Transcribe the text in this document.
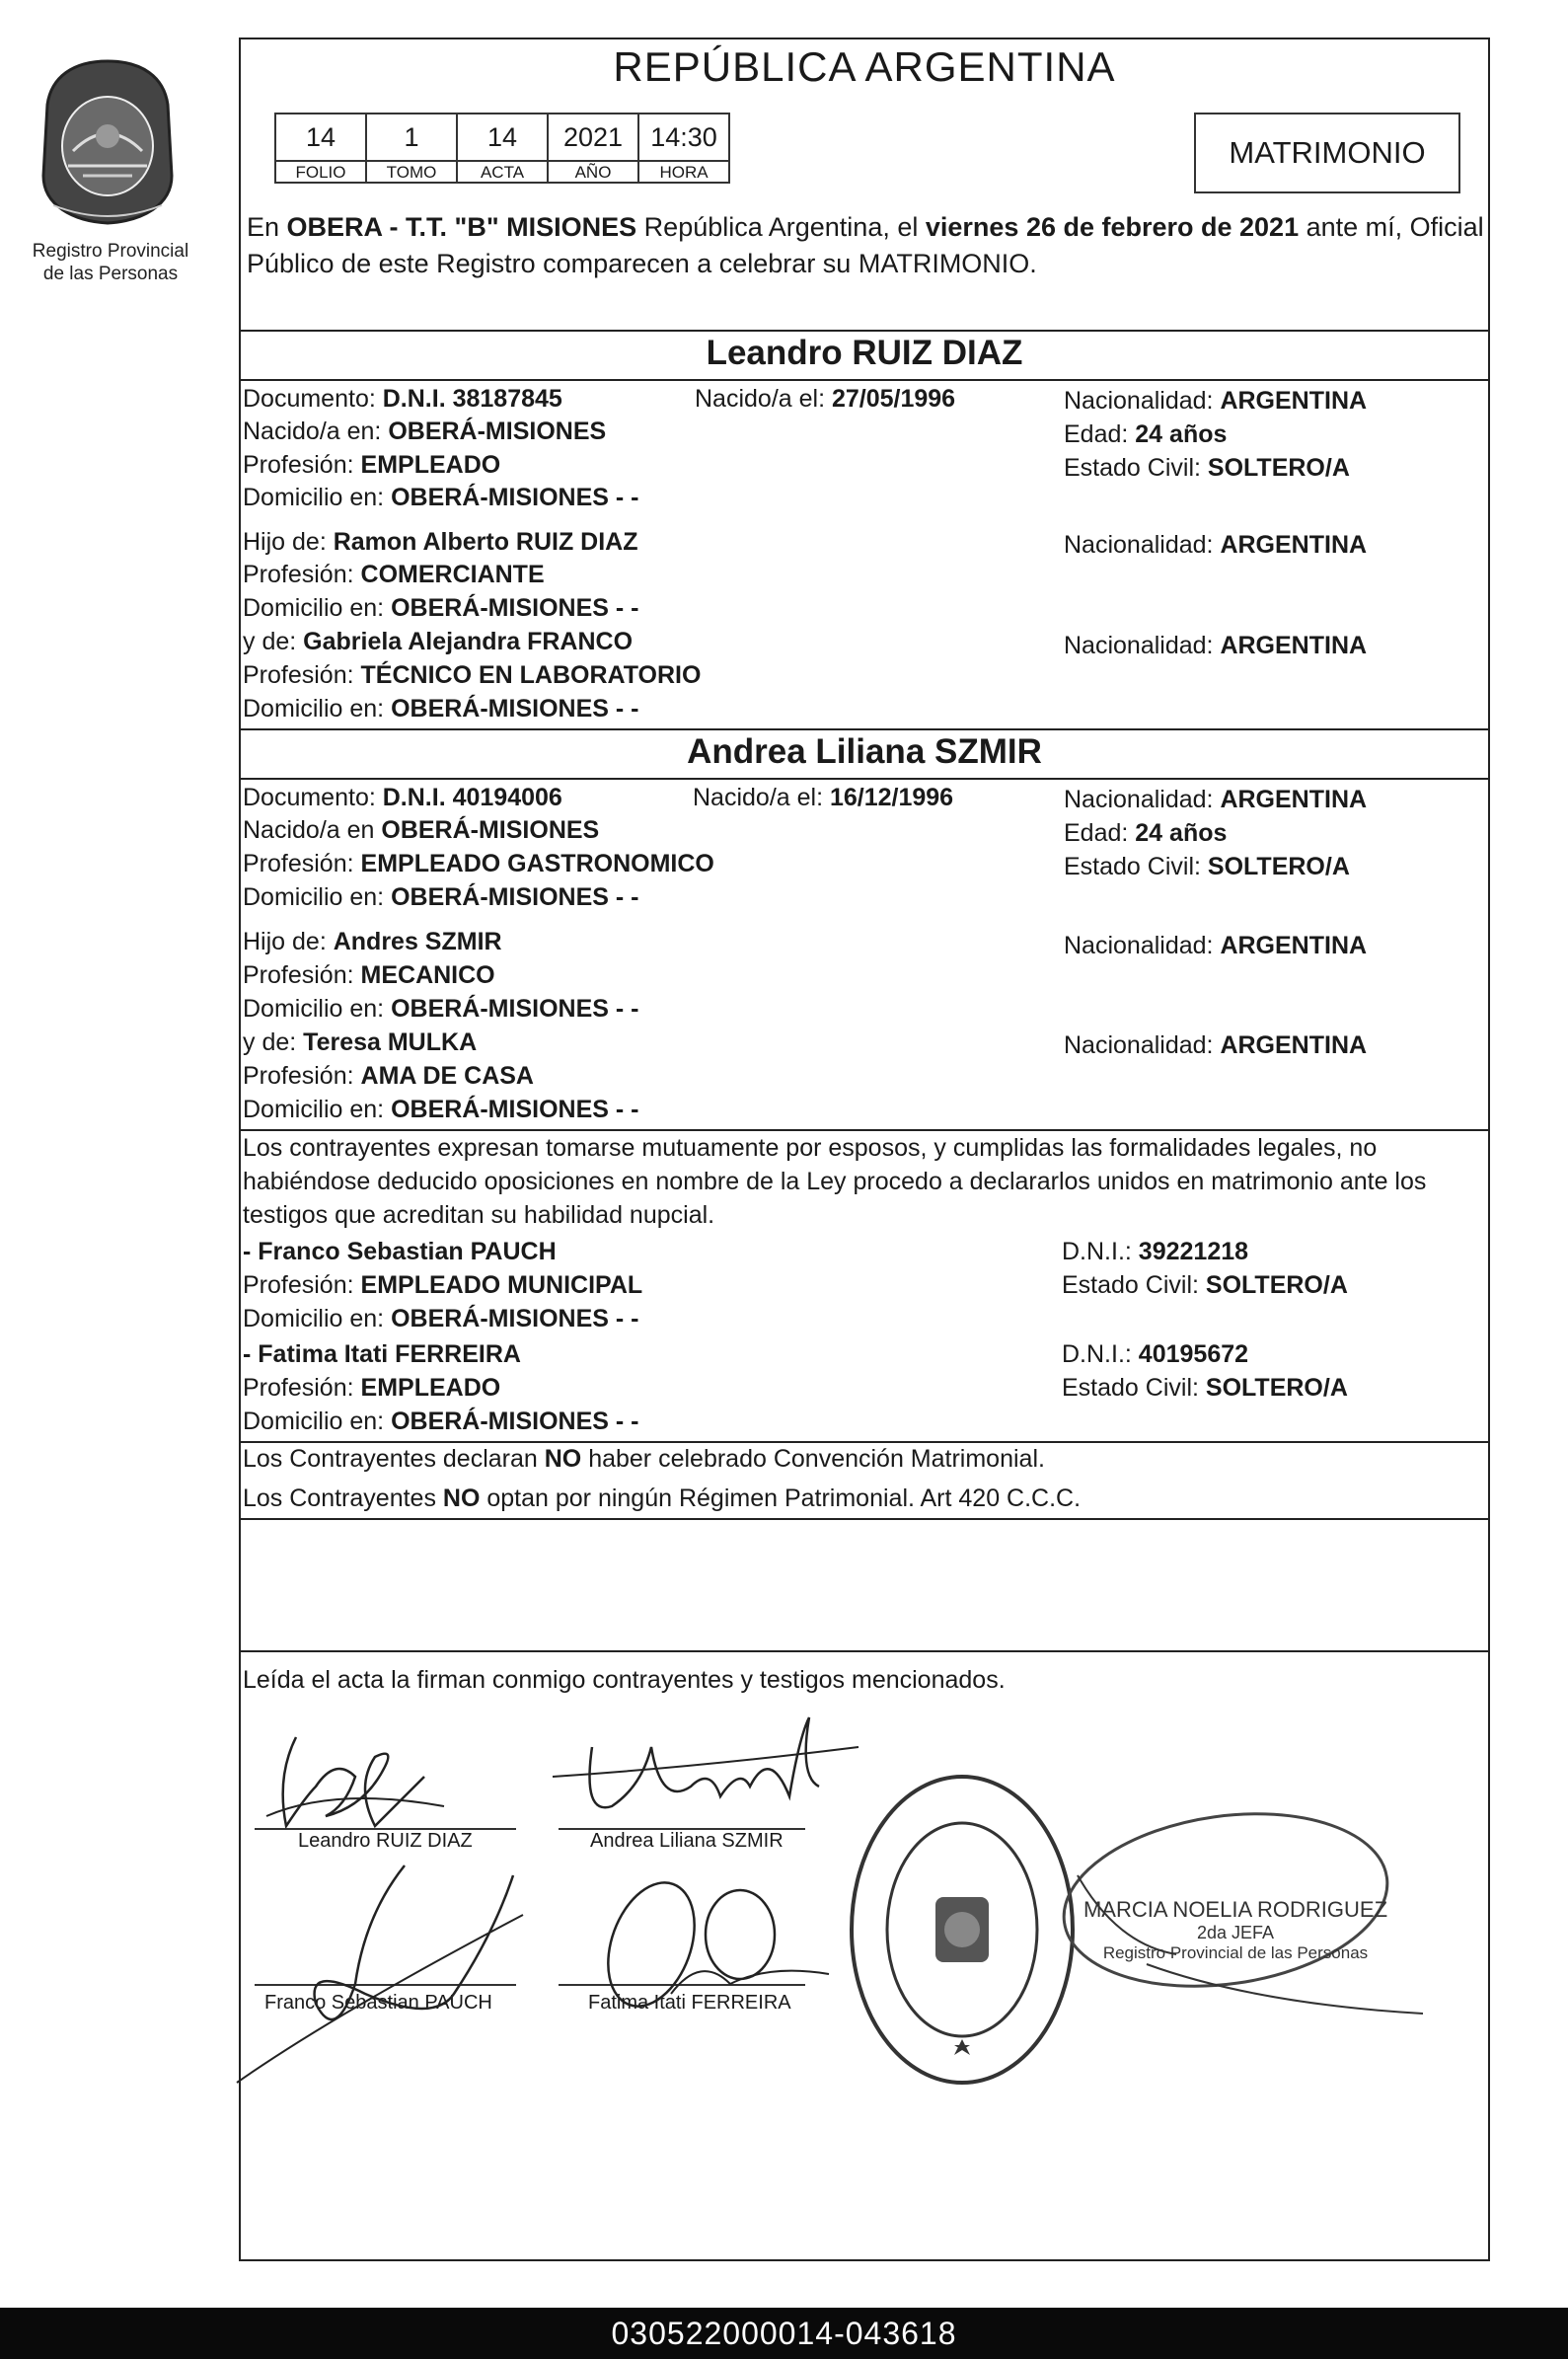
Registro Provincial
de las Personas
REPÚBLICA ARGENTINA
14	1	14	2021	14:30
FOLIO	TOMO	ACTA	AÑO	HORA
MATRIMONIO
En OBERA - T.T. "B" MISIONES República Argentina, el viernes 26 de febrero de 2021 ante mí, Oficial Público de este Registro comparecen a celebrar su MATRIMONIO.
Leandro RUIZ DIAZ
Documento: D.N.I. 38187845	Nacido/a el: 27/05/1996	Nacionalidad: ARGENTINA
Nacido/a en: OBERÁ-MISIONES	Edad: 24 años
Profesión: EMPLEADO	Estado Civil: SOLTERO/A
Domicilio en: OBERÁ-MISIONES - -
Hijo de: Ramon Alberto RUIZ DIAZ	Nacionalidad: ARGENTINA
Profesión: COMERCIANTE
Domicilio en: OBERÁ-MISIONES - -
y de: Gabriela Alejandra FRANCO	Nacionalidad: ARGENTINA
Profesión: TÉCNICO EN LABORATORIO
Domicilio en: OBERÁ-MISIONES - -
Andrea Liliana SZMIR
Documento: D.N.I. 40194006	Nacido/a el: 16/12/1996	Nacionalidad: ARGENTINA
Nacido/a en OBERÁ-MISIONES	Edad: 24 años
Profesión: EMPLEADO GASTRONOMICO	Estado Civil: SOLTERO/A
Domicilio en: OBERÁ-MISIONES - -
Hijo de: Andres SZMIR	Nacionalidad: ARGENTINA
Profesión: MECANICO
Domicilio en: OBERÁ-MISIONES - -
y de: Teresa MULKA	Nacionalidad: ARGENTINA
Profesión: AMA DE CASA
Domicilio en: OBERÁ-MISIONES - -
Los contrayentes expresan tomarse mutuamente por esposos, y cumplidas las formalidades legales, no habiéndose deducido oposiciones en nombre de la Ley procedo a declararlos unidos en matrimonio ante los testigos que acreditan su habilidad nupcial.
- Franco Sebastian PAUCH	D.N.I.: 39221218
Profesión: EMPLEADO MUNICIPAL	Estado Civil: SOLTERO/A
Domicilio en: OBERÁ-MISIONES - -
- Fatima Itati FERREIRA	D.N.I.: 40195672
Profesión: EMPLEADO	Estado Civil: SOLTERO/A
Domicilio en: OBERÁ-MISIONES - -
Los Contrayentes declaran NO haber celebrado Convención Matrimonial.
Los Contrayentes NO optan por ningún Régimen Patrimonial. Art 420 C.C.C.
Leída el acta la firman conmigo contrayentes y testigos mencionados.
Leandro RUIZ DIAZ	Andrea Liliana SZMIR
Franco Sebastian PAUCH	Fatima Itati FERREIRA
MARCIA NOELIA RODRIGUEZ
2da JEFA
Registro Provincial de las Personas
030522000014-043618
